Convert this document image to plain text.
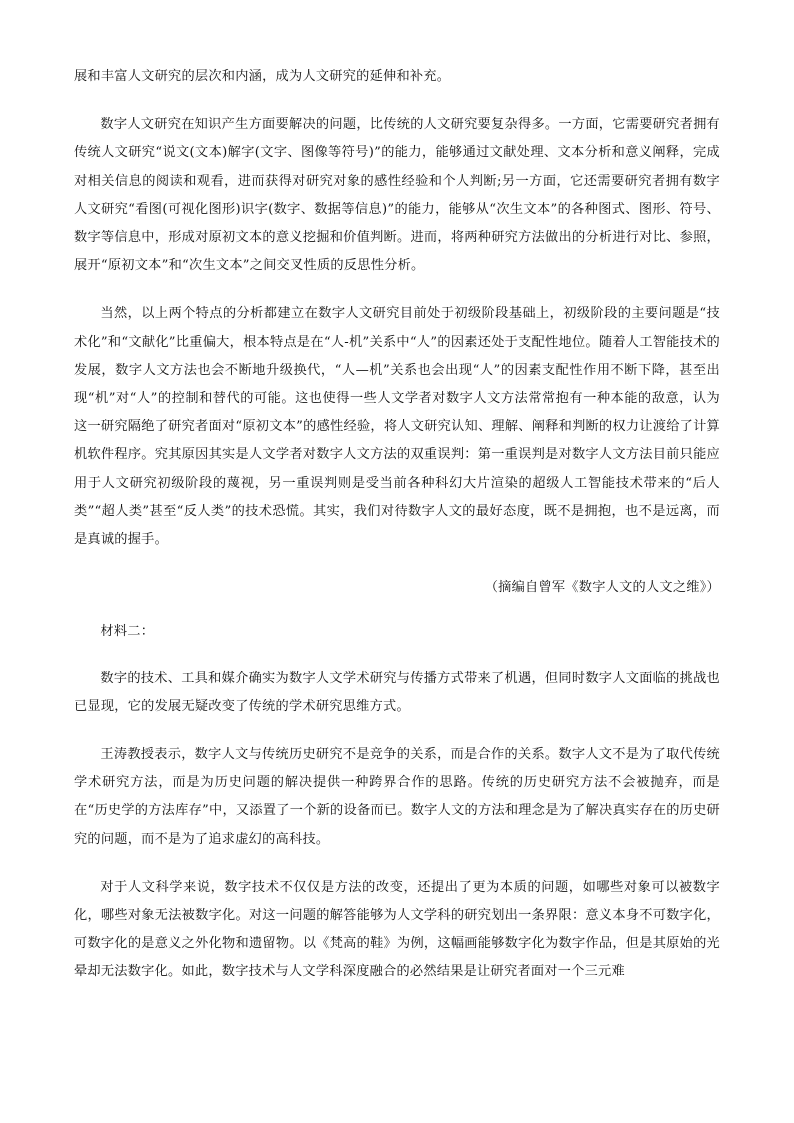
展和丰富人文研究的层次和内涵，成为人文研究的延伸和补充。

数字人文研究在知识产生方面要解决的问题，比传统的人文研究要复杂得多。一方面，它需要研究者拥有传统人文研究“说文(文本)解字(文字、图像等符号)”的能力，能够通过文献处理、文本分析和意义阐释，完成对相关信息的阅读和观看，进而获得对研究对象的感性经验和个人判断;另一方面，它还需要研究者拥有数字人文研究“看图(可视化图形)识字(数字、数据等信息)”的能力，能够从“次生文本”的各种图式、图形、符号、数字等信息中，形成对原初文本的意义挖掘和价值判断。进而，将两种研究方法做出的分析进行对比、参照，展开“原初文本”和“次生文本”之间交叉性质的反思性分析。

当然，以上两个特点的分析都建立在数字人文研究目前处于初级阶段基础上，初级阶段的主要问题是“技术化”和“文献化”比重偏大，根本特点是在“人-机”关系中“人”的因素还处于支配性地位。随着人工智能技术的发展，数字人文方法也会不断地升级换代，“人—机”关系也会出现“人”的因素支配性作用不断下降，甚至出现“机”对“人”的控制和替代的可能。这也使得一些人文学者对数字人文方法常常抱有一种本能的敌意，认为这一研究隔绝了研究者面对“原初文本”的感性经验，将人文研究认知、理解、阐释和判断的权力让渡给了计算机软件程序。究其原因其实是人文学者对数字人文方法的双重误判：第一重误判是对数字人文方法目前只能应用于人文研究初级阶段的蔑视，另一重误判则是受当前各种科幻大片渲染的超级人工智能技术带来的“后人类”“超人类”甚至“反人类”的技术恐慌。其实，我们对待数字人文的最好态度，既不是拥抱，也不是远离，而是真诚的握手。

（摘编自曾军《数字人文的人文之维》）

材料二：

数字的技术、工具和媒介确实为数字人文学术研究与传播方式带来了机遇，但同时数字人文面临的挑战也已显现，它的发展无疑改变了传统的学术研究思维方式。

王涛教授表示，数字人文与传统历史研究不是竞争的关系，而是合作的关系。数字人文不是为了取代传统学术研究方法，而是为历史问题的解决提供一种跨界合作的思路。传统的历史研究方法不会被抛弃，而是在“历史学的方法库存”中，又添置了一个新的设备而已。数字人文的方法和理念是为了解决真实存在的历史研究的问题，而不是为了追求虚幻的高科技。

对于人文科学来说，数字技术不仅仅是方法的改变，还提出了更为本质的问题，如哪些对象可以被数字化，哪些对象无法被数字化。对这一问题的解答能够为人文学科的研究划出一条界限：意义本身不可数字化，可数字化的是意义之外化物和遗留物。以《梵高的鞋》为例，这幅画能够数字化为数字作品，但是其原始的光晕却无法数字化。如此，数字技术与人文学科深度融合的必然结果是让研究者面对一个三元难
